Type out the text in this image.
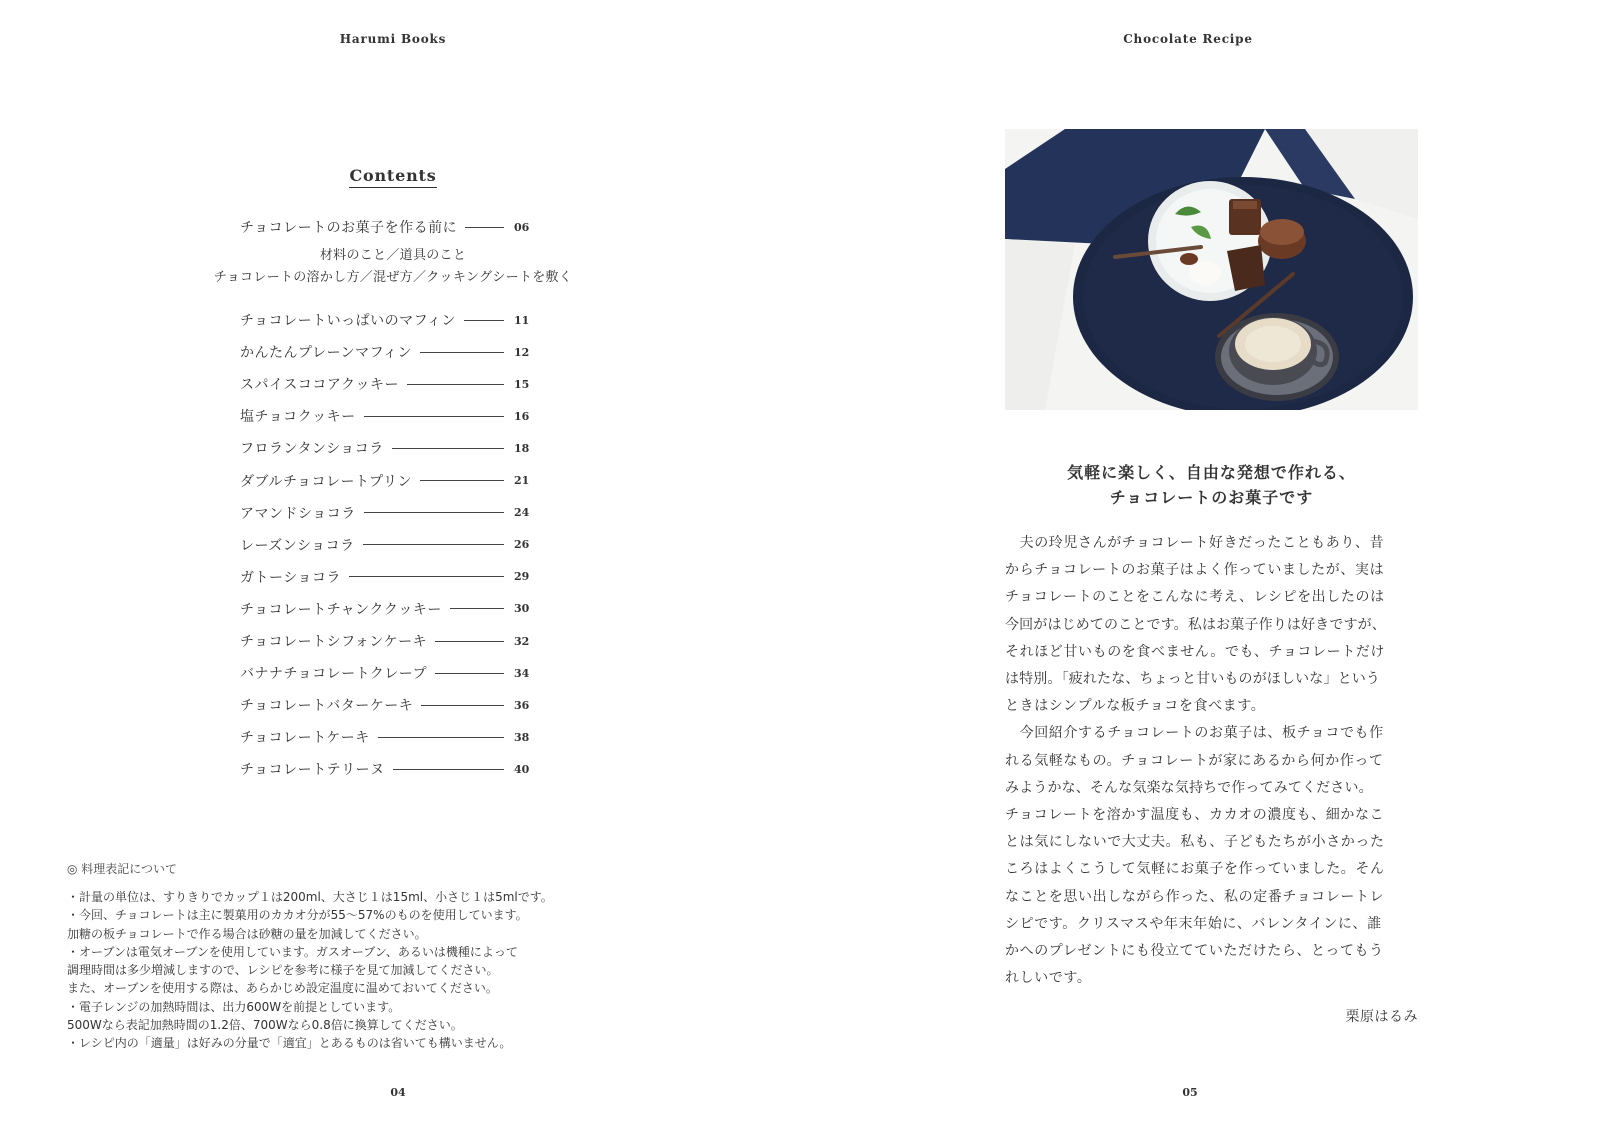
Harumi Books
Contents
チョコレートのお菓子を作る前に	06
材料のこと／道具のこと
チョコレートの溶かし方／混ぜ方／クッキングシートを敷く
チョコレートいっぱいのマフィン	11
かんたんプレーンマフィン	12
スパイスココアクッキー	15
塩チョコクッキー	16
フロランタンショコラ	18
ダブルチョコレートプリン	21
アマンドショコラ	24
レーズンショコラ	26
ガトーショコラ	29
チョコレートチャンククッキー	30
チョコレートシフォンケーキ	32
バナナチョコレートクレープ	34
チョコレートバターケーキ	36
チョコレートケーキ	38
チョコレートテリーヌ	40
◎ 料理表記について
・計量の単位は、すりきりでカップ１は200ml、大さじ１は15ml、小さじ１は5mlです。
・今回、チョコレートは主に製菓用のカカオ分が55〜57%のものを使用しています。
加糖の板チョコレートで作る場合は砂糖の量を加減してください。
・オーブンは電気オーブンを使用しています。ガスオーブン、あるいは機種によって
調理時間は多少増減しますので、レシピを参考に様子を見て加減してください。
また、オーブンを使用する際は、あらかじめ設定温度に温めておいてください。
・電子レンジの加熱時間は、出力600Wを前提としています。
500Wなら表記加熱時間の1.2倍、700Wなら0.8倍に換算してください。
・レシピ内の「適量」は好みの分量で「適宜」とあるものは省いても構いません。
04
Chocolate Recipe
気軽に楽しく、自由な発想で作れる、
チョコレートのお菓子です
　夫の玲児さんがチョコレート好きだったこともあり、昔
からチョコレートのお菓子はよく作っていましたが、実は
チョコレートのことをこんなに考え、レシピを出したのは
今回がはじめてのことです。私はお菓子作りは好きですが、
それほど甘いものを食べません。でも、チョコレートだけ
は特別。「疲れたな、ちょっと甘いものがほしいな」という
ときはシンプルな板チョコを食べます。
　今回紹介するチョコレートのお菓子は、板チョコでも作
れる気軽なもの。チョコレートが家にあるから何か作って
みようかな、そんな気楽な気持ちで作ってみてください。
チョコレートを溶かす温度も、カカオの濃度も、細かなこ
とは気にしないで大丈夫。私も、子どもたちが小さかった
ころはよくこうして気軽にお菓子を作っていました。そん
なことを思い出しながら作った、私の定番チョコレートレ
シピです。クリスマスや年末年始に、バレンタインに、誰
かへのプレゼントにも役立てていただけたら、とってもう
れしいです。
栗原はるみ
05
